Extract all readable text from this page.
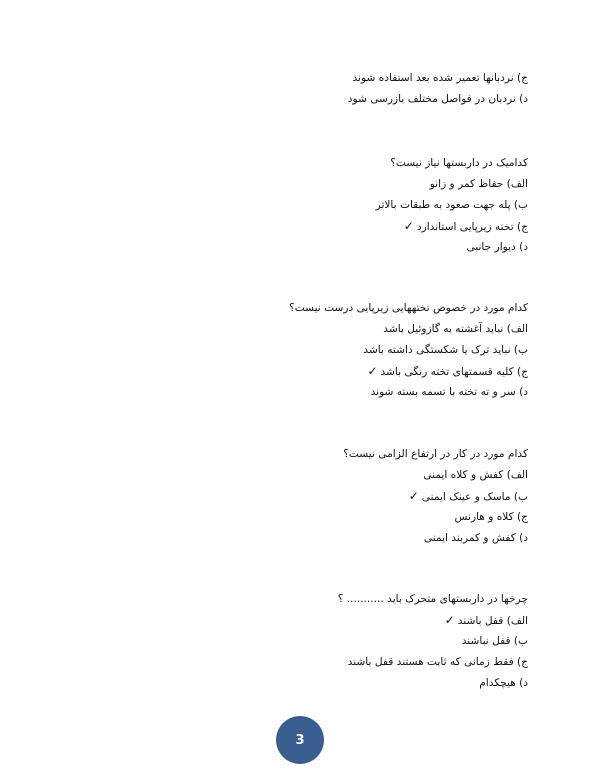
ج) نردبانها تعمیر شده بعد استفاده شوند
د) نردبان در فواصل مختلف بازرسی شود
کدامیک در داربستها نیاز نیست؟
الف) حفاظ کمر و زانو
ب) پله جهت صعود به طبقات بالاتر
ج) تخته زیرپایی استاندارد✓
د) دیوار جانبی
کدام مورد در خصوص تختههایی زیرپایی درست نیست؟
الف) نباید آغشته به گازوئیل باشد
ب) نباید ترک یا شکستگی داشته باشد
ج) کلیه قسمتهای تخته رنگی باشد✓
د) سر و ته تخته با تسمه بسته شوند
کدام مورد در کار در ارتفاع الزامی نیست؟
الف) کفش و کلاه ایمنی
ب) ماسک و عینک ایمنی✓
ج) کلاه و هارنس
د) کفش و کمربند ایمنی
چرخها در داربستهای متحرک باید ........... ؟
الف) قفل باشند✓
ب) قفل نباشند
ج) فقط زمانی که ثابت هستند قفل باشند
د) هیچکدام
3
